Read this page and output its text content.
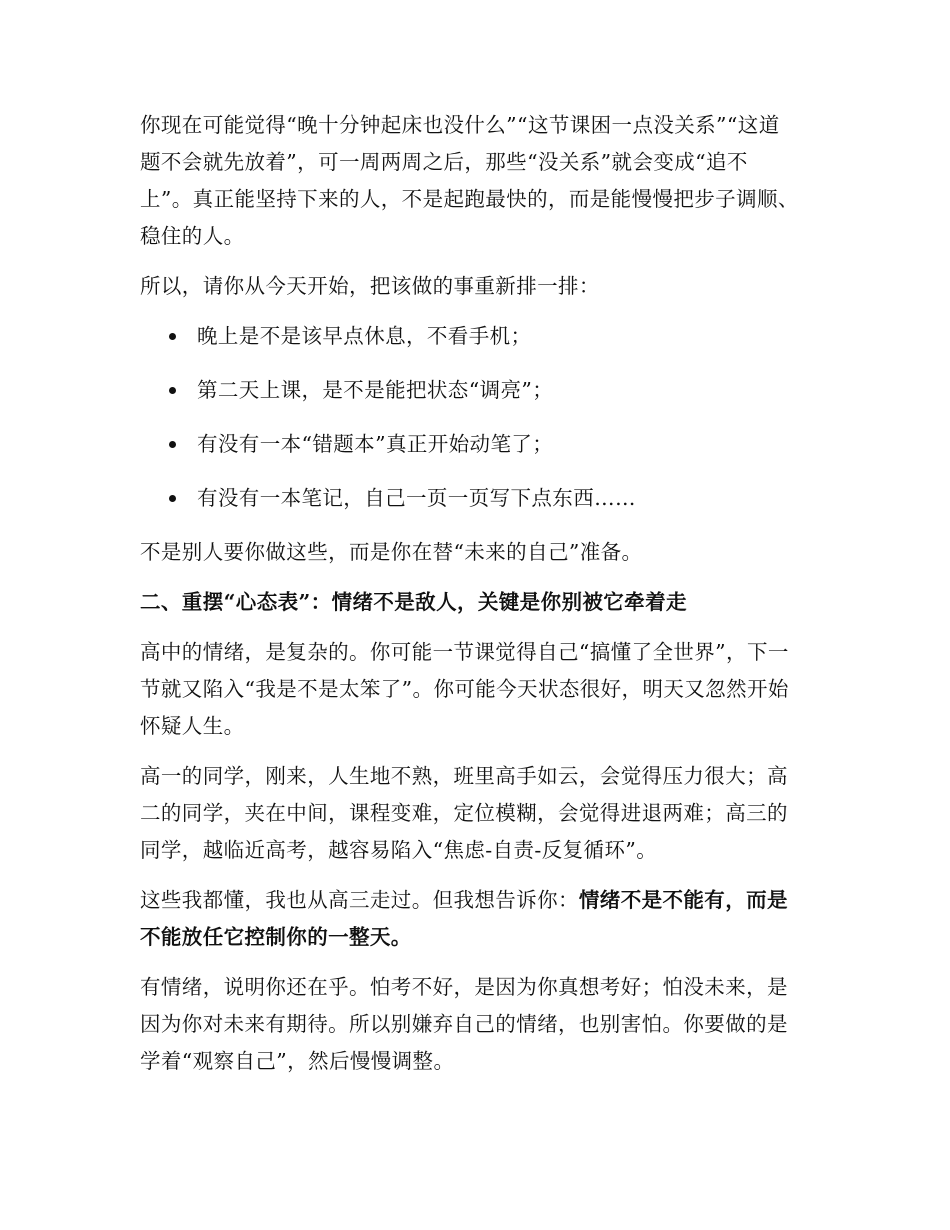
你现在可能觉得“晚十分钟起床也没什么”“这节课困一点没关系”“这道题不会就先放着”，可一周两周之后，那些“没关系”就会变成“追不上”。真正能坚持下来的人，不是起跑最快的，而是能慢慢把步子调顺、稳住的人。

所以，请你从今天开始，把该做的事重新排一排：

晚上是不是该早点休息，不看手机；
第二天上课，是不是能把状态“调亮”；
有没有一本“错题本”真正开始动笔了；
有没有一本笔记，自己一页一页写下点东西……

不是别人要你做这些，而是你在替“未来的自己”准备。

二、重摆“心态表”：情绪不是敌人，关键是你别被它牵着走

高中的情绪，是复杂的。你可能一节课觉得自己“搞懂了全世界”，下一节就又陷入“我是不是太笨了”。你可能今天状态很好，明天又忽然开始怀疑人生。

高一的同学，刚来，人生地不熟，班里高手如云，会觉得压力很大；高二的同学，夹在中间，课程变难，定位模糊，会觉得进退两难；高三的同学，越临近高考，越容易陷入“焦虑-自责-反复循环”。

这些我都懂，我也从高三走过。但我想告诉你：情绪不是不能有，而是不能放任它控制你的一整天。

有情绪，说明你还在乎。怕考不好，是因为你真想考好；怕没未来，是因为你对未来有期待。所以别嫌弃自己的情绪，也别害怕。你要做的是学着“观察自己”，然后慢慢调整。
